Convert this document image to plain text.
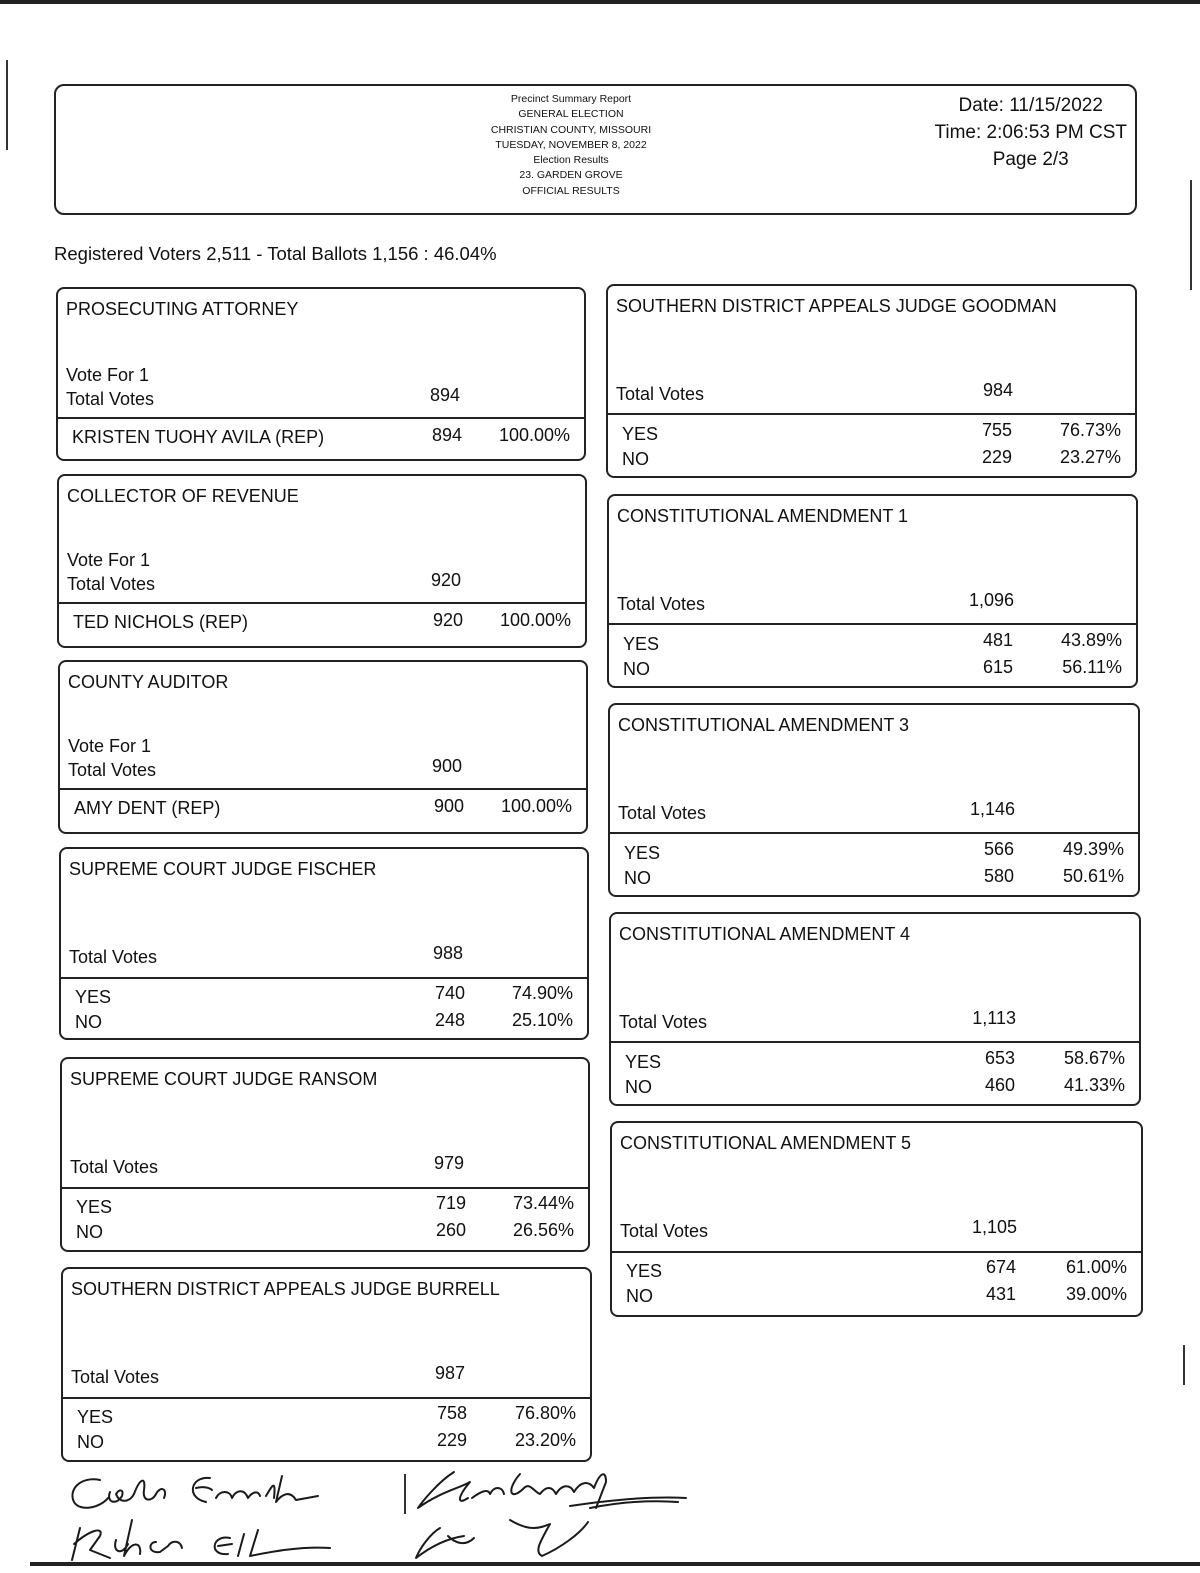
Precinct Summary Report
GENERAL ELECTION
CHRISTIAN COUNTY, MISSOURI
TUESDAY, NOVEMBER 8, 2022
Election Results
23. GARDEN GROVE
OFFICIAL RESULTS
Date: 11/15/2022
Time: 2:06:53 PM CST
Page 2/3
Registered Voters 2,511 - Total Ballots 1,156 : 46.04%
PROSECUTING ATTORNEY
Vote For 1
Total Votes	894
KRISTEN TUOHY AVILA (REP)	894 100.00%
COLLECTOR OF REVENUE
Vote For 1
Total Votes	920
TED NICHOLS (REP)	920 100.00%
COUNTY AUDITOR
Vote For 1
Total Votes	900
AMY DENT (REP)	900 100.00%
SUPREME COURT JUDGE FISCHER
Total Votes	988
YES	740	74.90%
NO	248	25.10%
SUPREME COURT JUDGE RANSOM
Total Votes	979
YES	719	73.44%
NO	260	26.56%
SOUTHERN DISTRICT APPEALS JUDGE BURRELL
Total Votes	987
YES	758	76.80%
NO	229	23.20%
SOUTHERN DISTRICT APPEALS JUDGE GOODMAN
Total Votes	984
YES	755	76.73%
NO	229	23.27%
CONSTITUTIONAL AMENDMENT 1
Total Votes	1,096
YES	481	43.89%
NO	615	56.11%
CONSTITUTIONAL AMENDMENT 3
Total Votes	1,146
YES	566	49.39%
NO	580	50.61%
CONSTITUTIONAL AMENDMENT 4
Total Votes	1,113
YES	653	58.67%
NO	460	41.33%
CONSTITUTIONAL AMENDMENT 5
Total Votes	1,105
YES	674	61.00%
NO	431	39.00%
